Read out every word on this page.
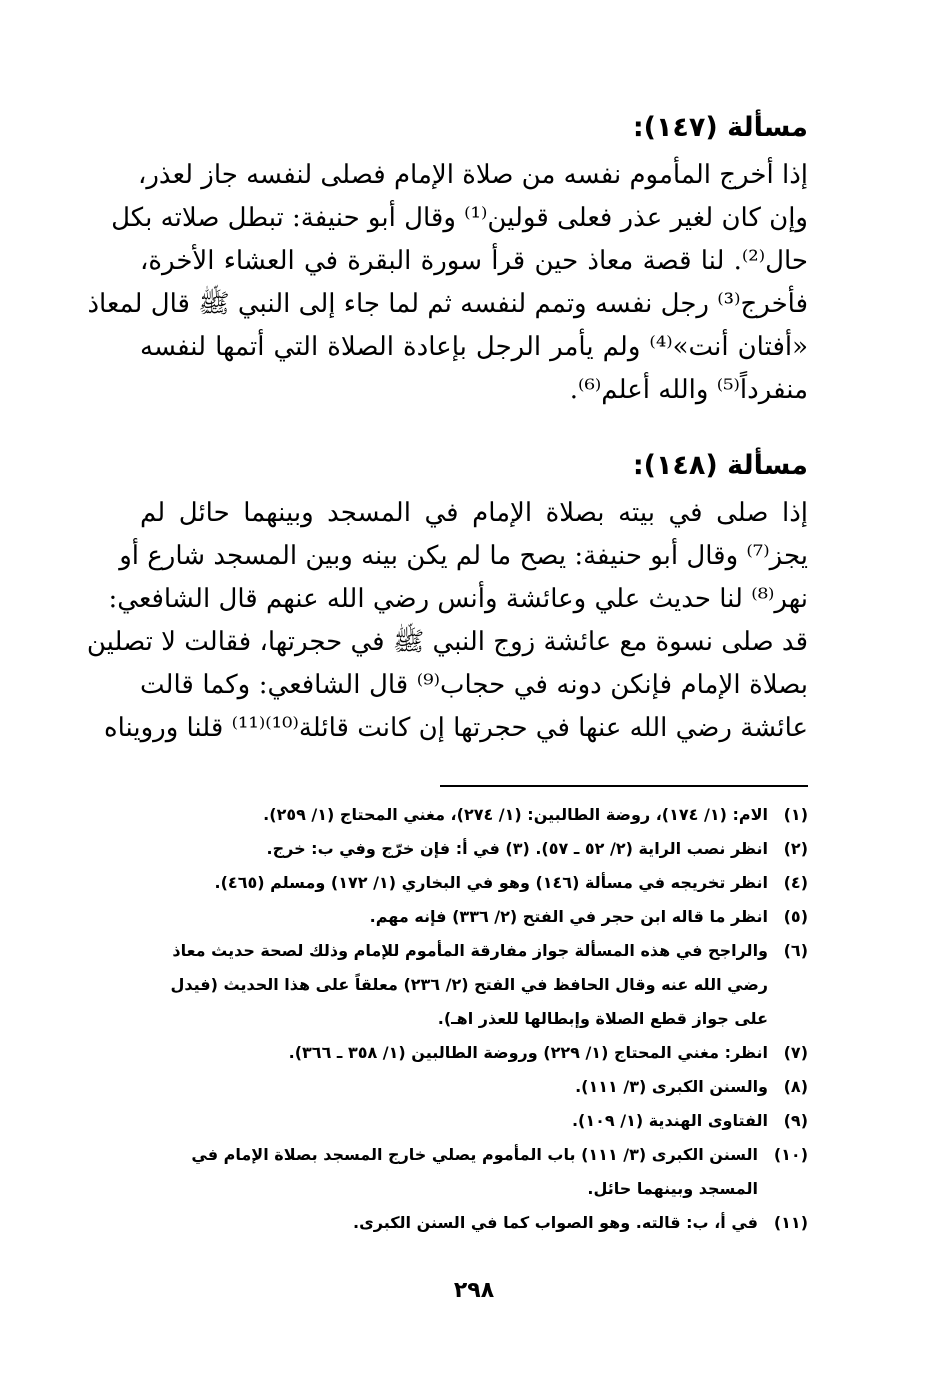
مسألة (١٤٧):
إذا أخرج المأموم نفسه من صلاة الإمام فصلى لنفسه جاز لعذر،
وإن كان لغير عذر فعلى قولين⁽¹⁾ وقال أبو حنيفة: تبطل صلاته بكل
حال⁽²⁾. لنا قصة معاذ حين قرأ سورة البقرة في العشاء الأخرة،
فأخرج⁽³⁾ رجل نفسه وتمم لنفسه ثم لما جاء إلى النبي ﷺ قال لمعاذ
«أفتان أنت»⁽⁴⁾ ولم يأمر الرجل بإعادة الصلاة التي أتمها لنفسه
منفرداً⁽⁵⁾ والله أعلم⁽⁶⁾.
مسألة (١٤٨):
إذا صلى في بيته بصلاة الإمام في المسجد وبينهما حائل لم
يجز⁽⁷⁾ وقال أبو حنيفة: يصح ما لم يكن بينه وبين المسجد شارع أو
نهر⁽⁸⁾ لنا حديث علي وعائشة وأنس رضي الله عنهم قال الشافعي:
قد صلى نسوة مع عائشة زوج النبي ﷺ في حجرتها، فقالت لا تصلين
بصلاة الإمام فإنكن دونه في حجاب⁽⁹⁾ قال الشافعي: وكما قالت
عائشة رضي الله عنها في حجرتها إن كانت قائلة⁽¹⁰⁾⁽¹¹⁾ قلنا ورويناه
(١)
الام: (١/ ١٧٤)، روضة الطالبين: (١/ ٢٧٤)، مغني المحتاج (١/ ٢٥٩).
(٢)
انظر نصب الراية (٢/ ٥٢ ـ ٥٧). (٣) في أ: فإن خرّج وفي ب: خرج.
(٤)
انظر تخريجه في مسألة (١٤٦) وهو في البخاري (١/ ١٧٢) ومسلم (٤٦٥).
(٥)
انظر ما قاله ابن حجر في الفتح (٢/ ٣٣٦) فإنه مهم.
(٦)
والراجح في هذه المسألة جواز مفارقة المأموم للإمام وذلك لصحة حديث معاذ
رضي الله عنه وقال الحافظ في الفتح (٢/ ٢٣٦) معلقاً على هذا الحديث (فيدل
على جواز قطع الصلاة وإبطالها للعذر اهـ).
(٧)
انظر: مغني المحتاج (١/ ٢٢٩) وروضة الطالبين (١/ ٣٥٨ ـ ٣٦٦).
(٨)
والسنن الكبرى (٣/ ١١١).
(٩)
الفتاوى الهندية (١/ ١٠٩).
(١٠)
السنن الكبرى (٣/ ١١١) باب المأموم يصلي خارج المسجد بصلاة الإمام في
المسجد وبينهما حائل.
(١١)
في أ، ب: قالته. وهو الصواب كما في السنن الكبرى.
٢٩٨
